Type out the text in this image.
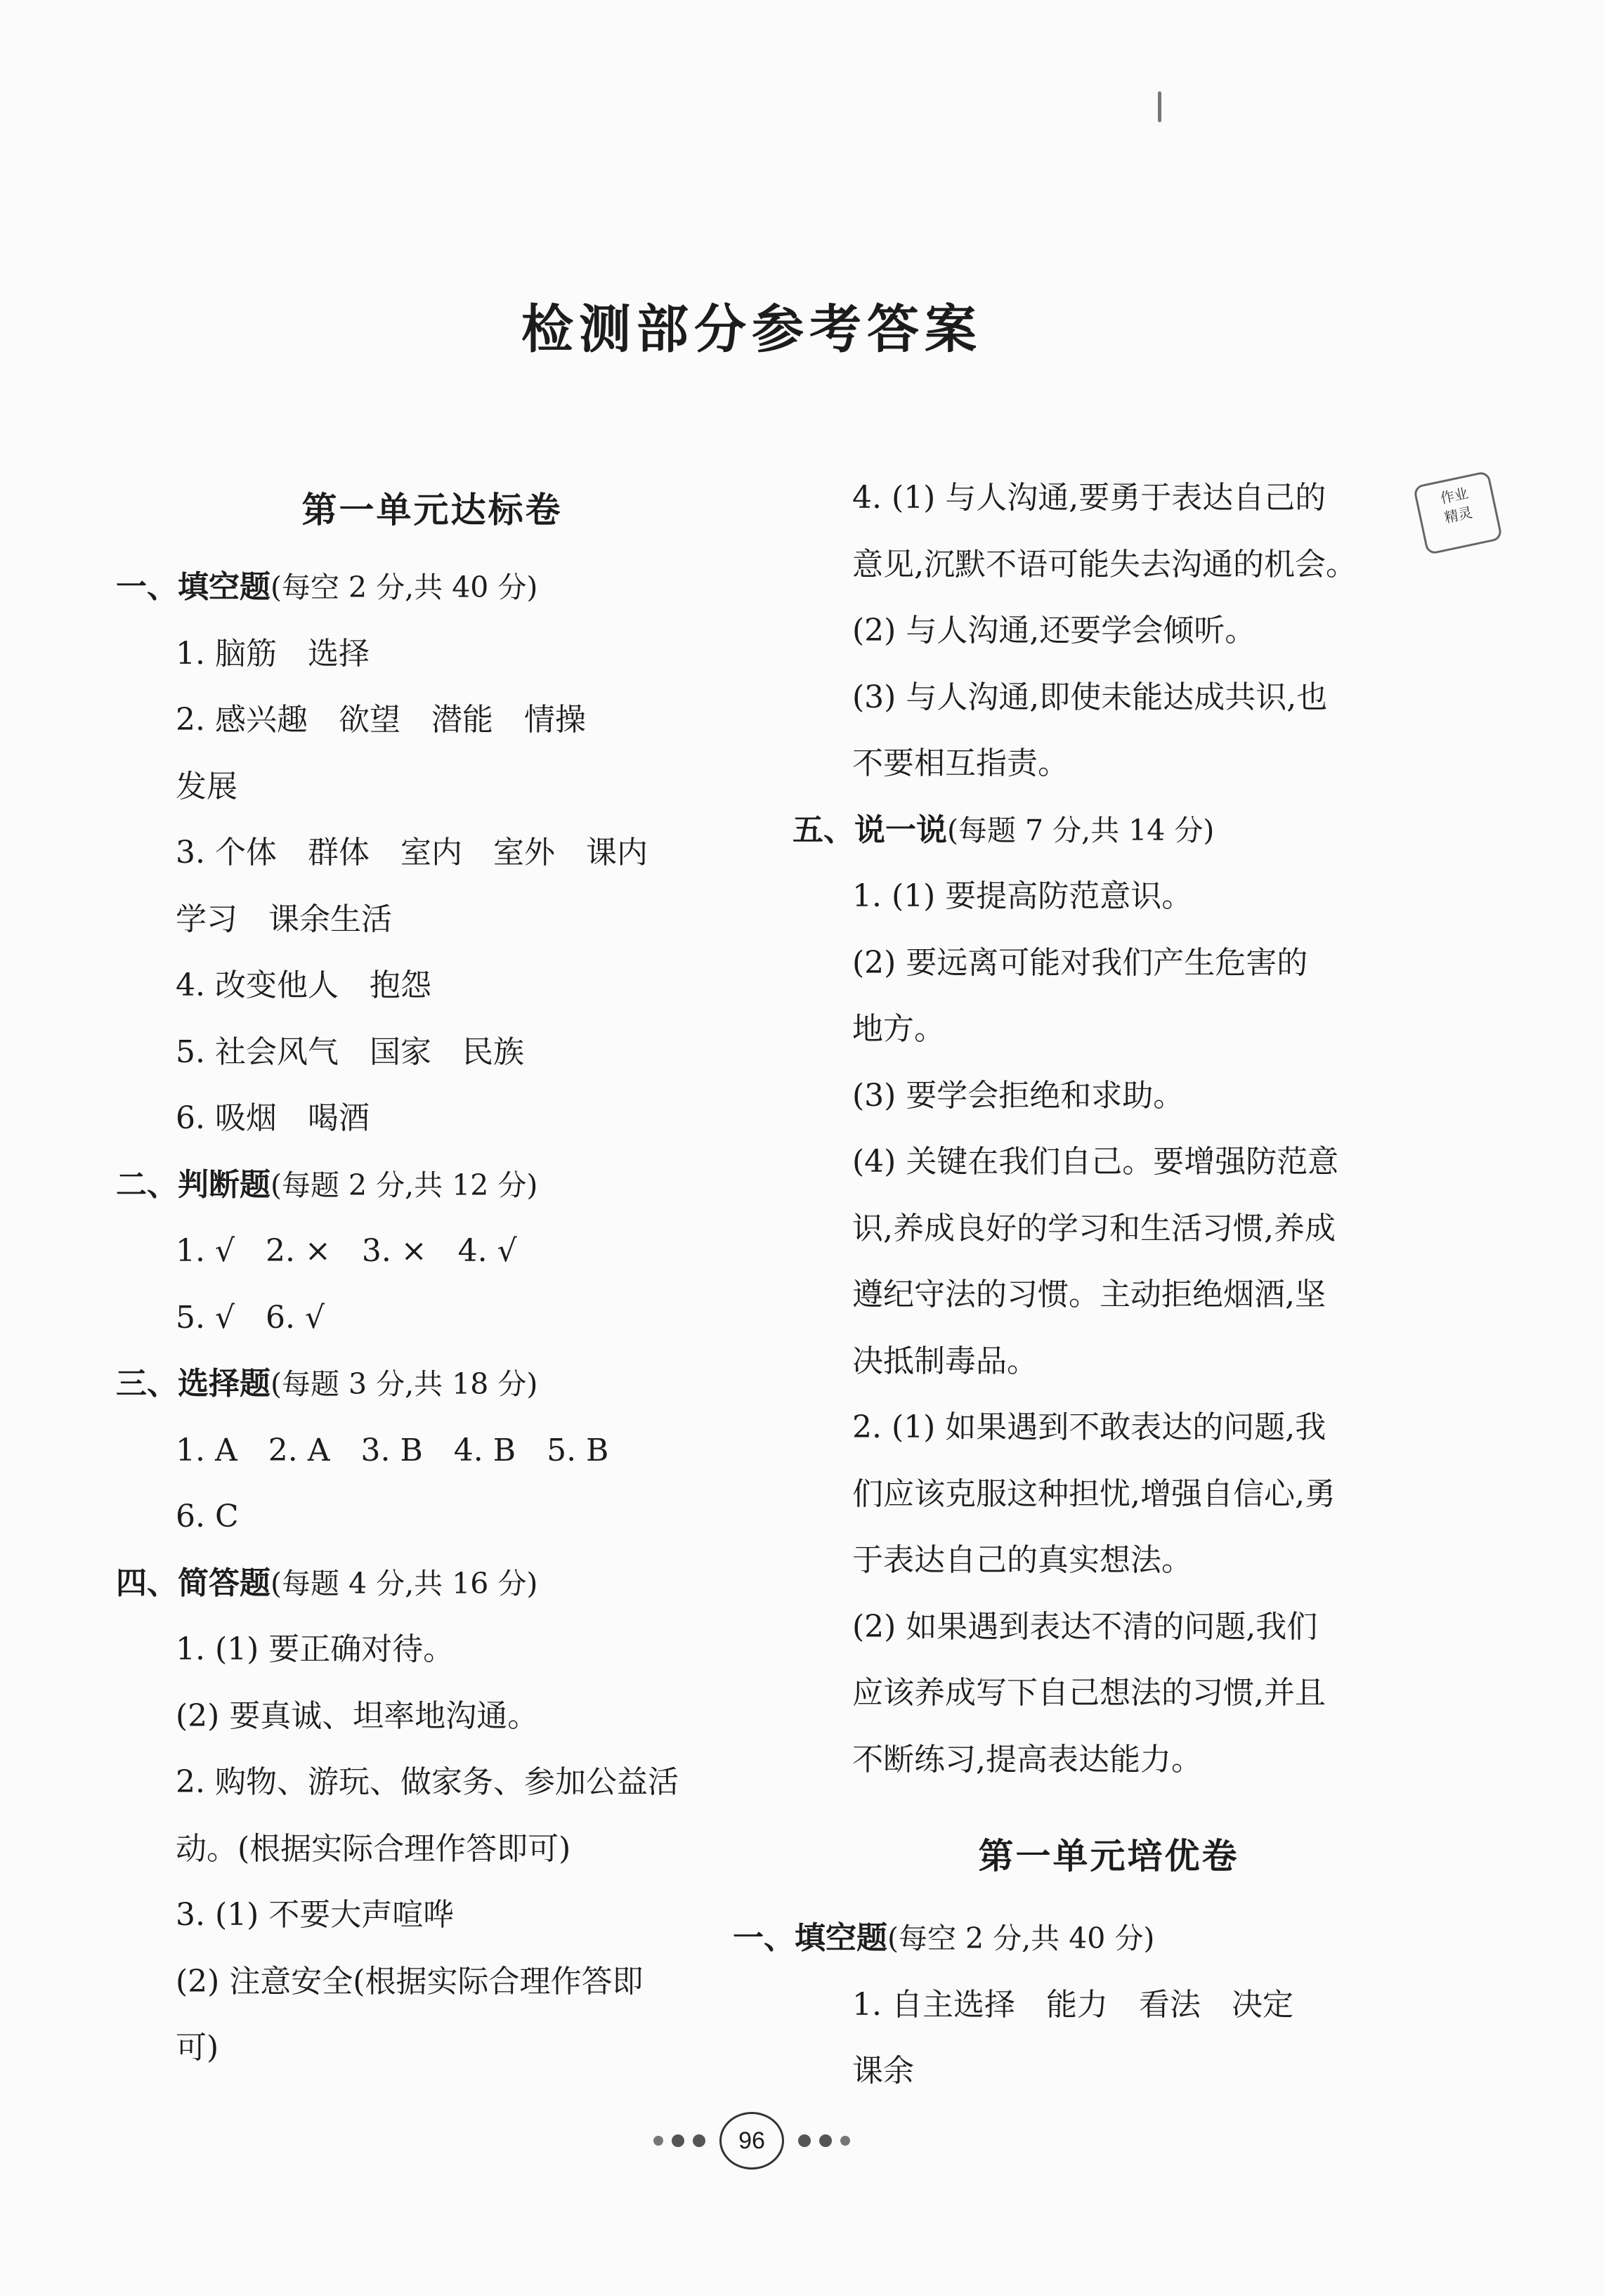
检测部分参考答案
作业
精灵
第一单元达标卷
一、填空题(每空 2 分,共 40 分)
1. 脑筋　选择
2. 感兴趣　欲望　潜能　情操
发展
3. 个体　群体　室内　室外　课内
学习　课余生活
4. 改变他人　抱怨
5. 社会风气　国家　民族
6. 吸烟　喝酒
二、判断题(每题 2 分,共 12 分)
1. √　2. ×　3. ×　4. √
5. √　6. √
三、选择题(每题 3 分,共 18 分)
1. A　2. A　3. B　4. B　5. B
6. C
四、简答题(每题 4 分,共 16 分)
1. (1) 要正确对待。
(2) 要真诚、坦率地沟通。
2. 购物、游玩、做家务、参加公益活
动。(根据实际合理作答即可)
3. (1) 不要大声喧哗
(2) 注意安全(根据实际合理作答即
可)
4. (1) 与人沟通,要勇于表达自己的
意见,沉默不语可能失去沟通的机会。
(2) 与人沟通,还要学会倾听。
(3) 与人沟通,即使未能达成共识,也
不要相互指责。
五、说一说(每题 7 分,共 14 分)
1. (1) 要提高防范意识。
(2) 要远离可能对我们产生危害的
地方。
(3) 要学会拒绝和求助。
(4) 关键在我们自己。要增强防范意
识,养成良好的学习和生活习惯,养成
遵纪守法的习惯。主动拒绝烟酒,坚
决抵制毒品。
2. (1) 如果遇到不敢表达的问题,我
们应该克服这种担忧,增强自信心,勇
于表达自己的真实想法。
(2) 如果遇到表达不清的问题,我们
应该养成写下自己想法的习惯,并且
不断练习,提高表达能力。
第一单元培优卷
一、填空题(每空 2 分,共 40 分)
1. 自主选择　能力　看法　决定
课余
96
